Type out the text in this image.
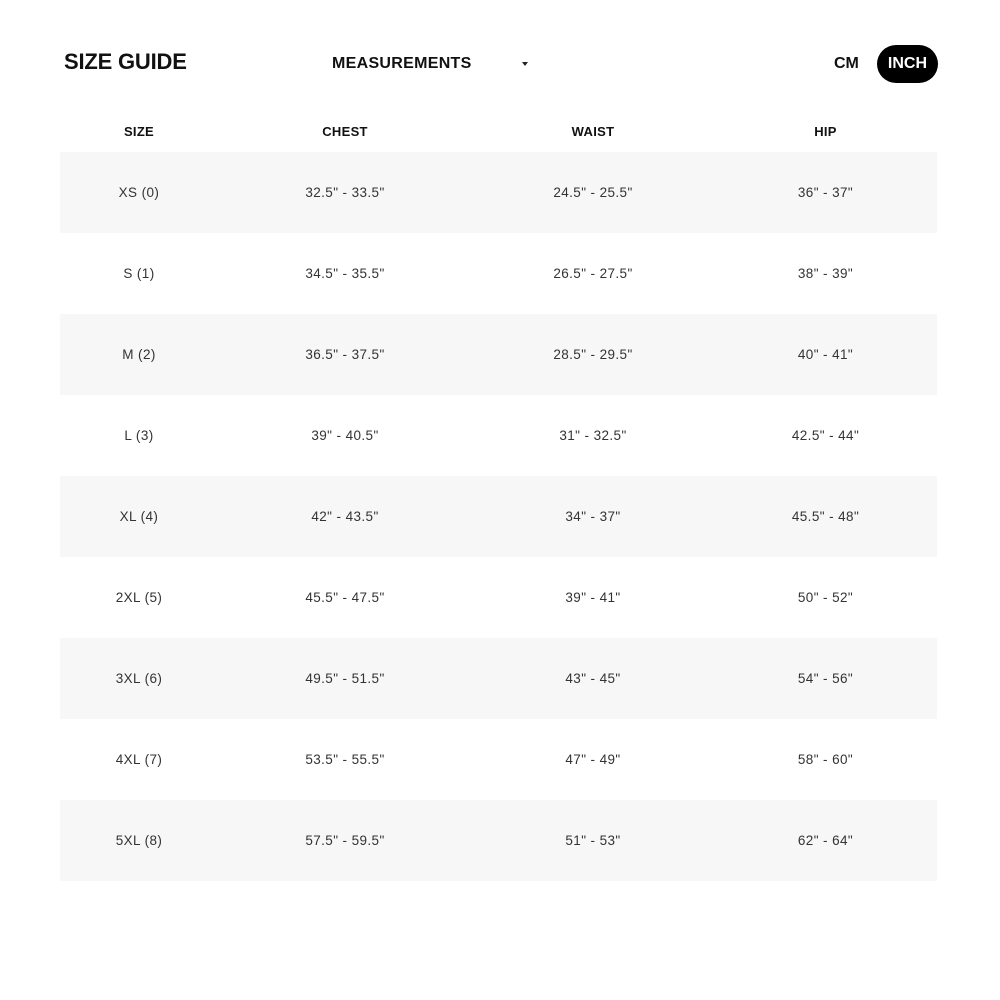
SIZE GUIDE	MEASUREMENTS	CM	INCH
SIZE	CHEST	WAIST	HIP
XS (0)	32.5" - 33.5"	24.5" - 25.5"	36" - 37"
S (1)	34.5" - 35.5"	26.5" - 27.5"	38" - 39"
M (2)	36.5" - 37.5"	28.5" - 29.5"	40" - 41"
L (3)	39" - 40.5"	31" - 32.5"	42.5" - 44"
XL (4)	42" - 43.5"	34" - 37"	45.5" - 48"
2XL (5)	45.5" - 47.5"	39" - 41"	50" - 52"
3XL (6)	49.5" - 51.5"	43" - 45"	54" - 56"
4XL (7)	53.5" - 55.5"	47" - 49"	58" - 60"
5XL (8)	57.5" - 59.5"	51" - 53"	62" - 64"
